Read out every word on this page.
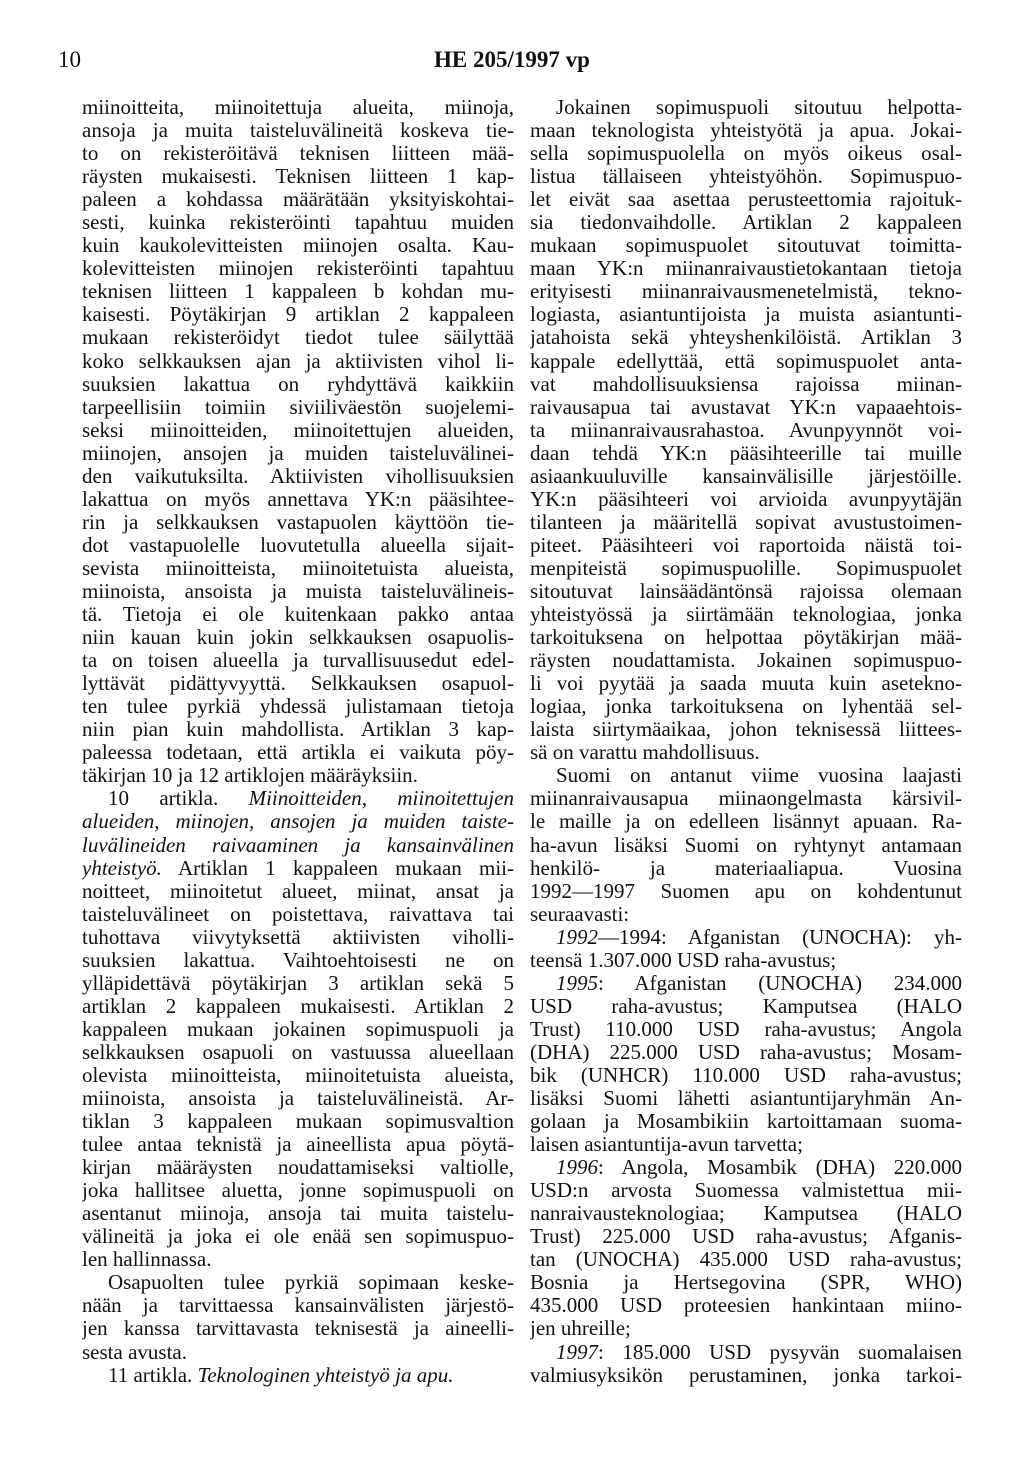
10	HE 205/1997 vp
miinoitteita, miinoitettuja alueita, miinoja,
ansoja ja muita taisteluvälineitä koskeva tie-
to on rekisteröitävä teknisen liitteen mää-
räysten mukaisesti. Teknisen liitteen 1 kap-
paleen a kohdassa määrätään yksityiskohtai-
sesti, kuinka rekisteröinti tapahtuu muiden
kuin kaukolevitteisten miinojen osalta. Kau-
kolevitteisten miinojen rekisteröinti tapahtuu
teknisen liitteen 1 kappaleen b kohdan mu-
kaisesti. Pöytäkirjan 9 artiklan 2 kappaleen
mukaan rekisteröidyt tiedot tulee säilyttää
koko selkkauksen ajan ja aktiivisten vihol li-
suuksien lakattua on ryhdyttävä kaikkiin
tarpeellisiin toimiin siviiliväestön suojelemi-
seksi miinoitteiden, miinoitettujen alueiden,
miinojen, ansojen ja muiden taisteluvälinei-
den vaikutuksilta. Aktiivisten vihollisuuksien
lakattua on myös annettava YK:n pääsihtee-
rin ja selkkauksen vastapuolen käyttöön tie-
dot vastapuolelle luovutetulla alueella sijait-
sevista miinoitteista, miinoitetuista alueista,
miinoista, ansoista ja muista taisteluvälineis-
tä. Tietoja ei ole kuitenkaan pakko antaa
niin kauan kuin jokin selkkauksen osapuolis-
ta on toisen alueella ja turvallisuusedut edel-
lyttävät pidättyvyyttä. Selkkauksen osapuol-
ten tulee pyrkiä yhdessä julistamaan tietoja
niin pian kuin mahdollista. Artiklan 3 kap-
paleessa todetaan, että artikla ei vaikuta pöy-
täkirjan 10 ja 12 artiklojen määräyksiin.
10 artikla. Miinoitteiden, miinoitettujen
alueiden, miinojen, ansojen ja muiden taiste-
luvälineiden raivaaminen ja kansainvälinen
yhteistyö. Artiklan 1 kappaleen mukaan mii-
noitteet, miinoitetut alueet, miinat, ansat ja
taisteluvälineet on poistettava, raivattava tai
tuhottava viivytyksettä aktiivisten viholli-
suuksien lakattua. Vaihtoehtoisesti ne on
ylläpidettävä pöytäkirjan 3 artiklan sekä 5
artiklan 2 kappaleen mukaisesti. Artiklan 2
kappaleen mukaan jokainen sopimuspuoli ja
selkkauksen osapuoli on vastuussa alueellaan
olevista miinoitteista, miinoitetuista alueista,
miinoista, ansoista ja taisteluvälineistä. Ar-
tiklan 3 kappaleen mukaan sopimusvaltion
tulee antaa teknistä ja aineellista apua pöytä-
kirjan määräysten noudattamiseksi valtiolle,
joka hallitsee aluetta, jonne sopimuspuoli on
asentanut miinoja, ansoja tai muita taistelu-
välineitä ja joka ei ole enää sen sopimuspuo-
len hallinnassa.
Osapuolten tulee pyrkiä sopimaan keske-
nään ja tarvittaessa kansainvälisten järjestö-
jen kanssa tarvittavasta teknisestä ja aineelli-
sesta avusta.
11 artikla. Teknologinen yhteistyö ja apu.
Jokainen sopimuspuoli sitoutuu helpotta-
maan teknologista yhteistyötä ja apua. Jokai-
sella sopimuspuolella on myös oikeus osal-
listua tällaiseen yhteistyöhön. Sopimuspuo-
let eivät saa asettaa perusteettomia rajoituk-
sia tiedonvaihdolle. Artiklan 2 kappaleen
mukaan sopimuspuolet sitoutuvat toimitta-
maan YK:n miinanraivaustietokantaan tietoja
erityisesti miinanraivausmenetelmistä, tekno-
logiasta, asiantuntijoista ja muista asiantunti-
jatahoista sekä yhteyshenkilöistä. Artiklan 3
kappale edellyttää, että sopimuspuolet anta-
vat mahdollisuuksiensa rajoissa miinan-
raivausapua tai avustavat YK:n vapaaehtois-
ta miinanraivausrahastoa. Avunpyynnöt voi-
daan tehdä YK:n pääsihteerille tai muille
asiaankuuluville kansainvälisille järjestöille.
YK:n pääsihteeri voi arvioida avunpyytäjän
tilanteen ja määritellä sopivat avustustoimen-
piteet. Pääsihteeri voi raportoida näistä toi-
menpiteistä sopimuspuolille. Sopimuspuolet
sitoutuvat lainsäädäntönsä rajoissa olemaan
yhteistyössä ja siirtämään teknologiaa, jonka
tarkoituksena on helpottaa pöytäkirjan mää-
räysten noudattamista. Jokainen sopimuspuo-
li voi pyytää ja saada muuta kuin aseteknо-
logiaa, jonka tarkoituksena on lyhentää sel-
laista siirtymäaikaa, johon teknisessä liittees-
sä on varattu mahdollisuus.
Suomi on antanut viime vuosina laajasti
miinanraivausapua miinaongelmasta kärsivil-
le maille ja on edelleen lisännyt apuaan. Ra-
ha-avun lisäksi Suomi on ryhtynyt antamaan
henkilö- ja materiaaliapua. Vuosina
1992—1997 Suomen apu on kohdentunut
seuraavasti:
1992—1994: Afganistan (UNOCHA): yh-
teensä 1.307.000 USD raha-avustus;
1995: Afganistan (UNOCHA) 234.000
USD raha-avustus; Kamputsea (HALO
Trust) 110.000 USD raha-avustus; Angola
(DHA) 225.000 USD raha-avustus; Mosam-
bik (UNHCR) 110.000 USD raha-avustus;
lisäksi Suomi lähetti asiantuntijaryhmän An-
golaan ja Mosambikiin kartoittamaan suoma-
laisen asiantuntija-avun tarvetta;
1996: Angola, Mosambik (DHA) 220.000
USD:n arvosta Suomessa valmistettua mii-
nanraivausteknologiaa; Kamputsea (HALO
Trust) 225.000 USD raha-avustus; Afganis-
tan (UNOCHA) 435.000 USD raha-avustus;
Bosnia ja Hertsegovina (SPR, WHO)
435.000 USD proteesien hankintaan miino-
jen uhreille;
1997: 185.000 USD pysyvän suomalaisen
valmiusyksikön perustaminen, jonka tarkoi-
